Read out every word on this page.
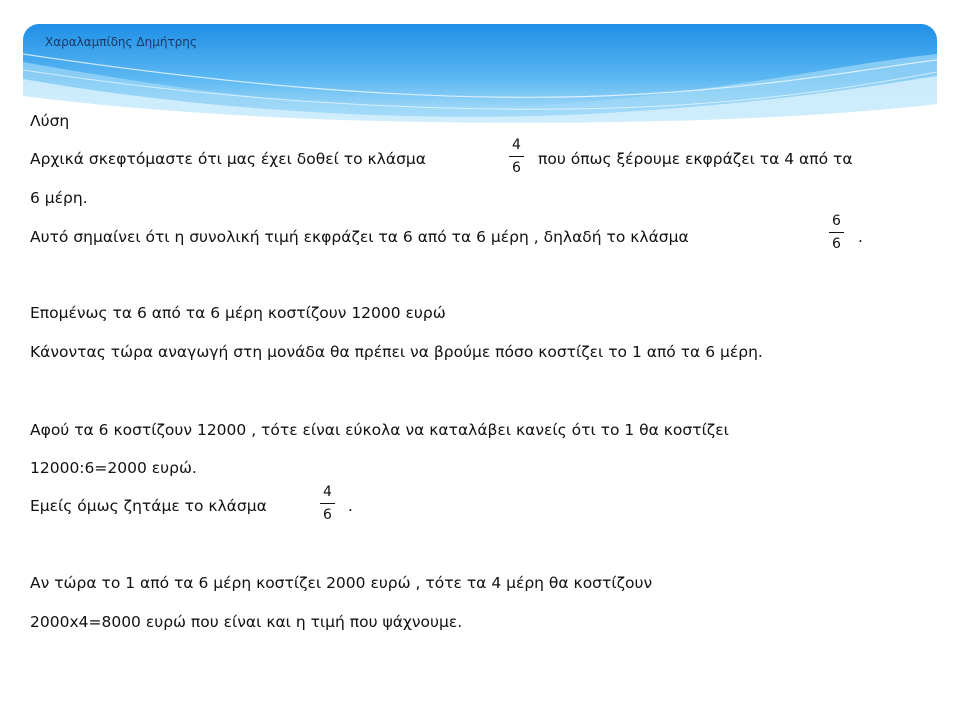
Χαραλαμπίδης Δημήτρης
Λύση
Αρχικά σκεφτόμαστε ότι μας έχει δοθεί το κλάσμα	$\frac{4}{6}$ που όπως ξέρουμε εκφράζει τα 4 από τα
6 μέρη.
Αυτό σημαίνει ότι η συνολική τιμή εκφράζει τα 6 από τα 6 μέρη , δηλαδή το κλάσμα	$\frac{6}{6}$ .
Επομένως τα 6 από τα 6 μέρη κοστίζουν 12000 ευρώ
Κάνοντας τώρα αναγωγή στη μονάδα θα πρέπει να βρούμε πόσο κοστίζει το 1 από τα 6 μέρη.
Αφού τα 6 κοστίζουν 12000 , τότε είναι εύκολα να καταλάβει κανείς ότι το 1 θα κοστίζει
12000:6=2000 ευρώ.
Εμείς όμως ζητάμε το κλάσμα	$\frac{4}{6}$ .
Αν τώρα το 1 από τα 6 μέρη κοστίζει 2000 ευρώ , τότε τα 4 μέρη θα κοστίζουν
2000x4=8000 ευρώ που είναι και η τιμή που ψάχνουμε.
